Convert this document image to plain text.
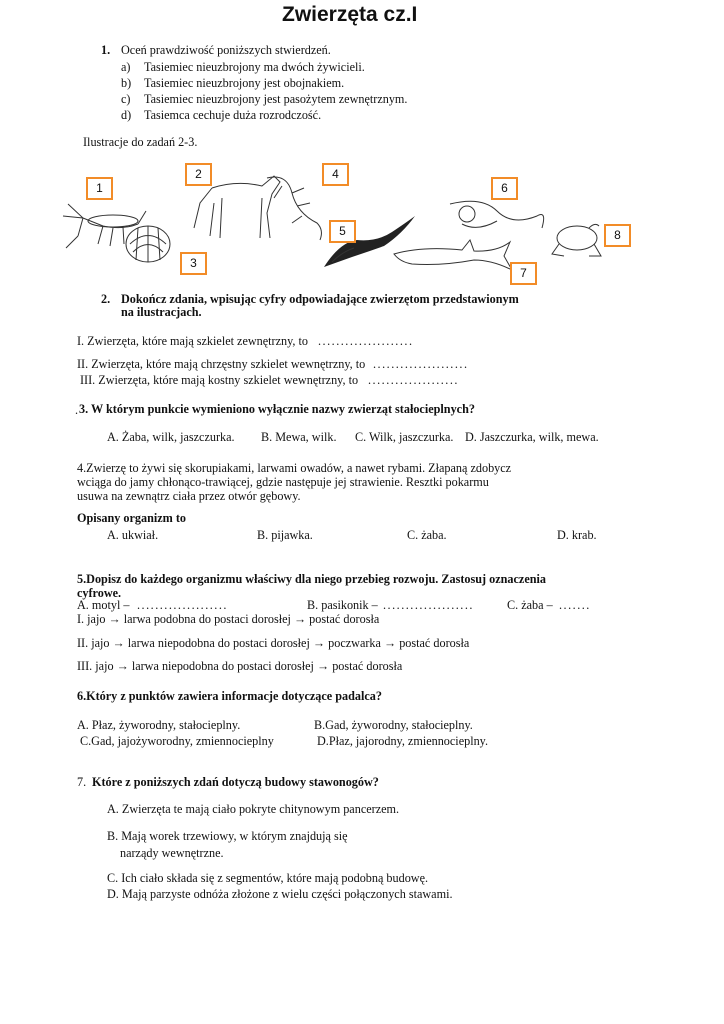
Zwierzęta cz.I
1. Oceń prawdziwość poniższych stwierdzeń.
a) Tasiemiec nieuzbrojony ma dwóch żywicieli.
b) Tasiemiec nieuzbrojony jest obojnakiem.
c) Tasiemiec nieuzbrojony jest pasożytem zewnętrznym.
d) Tasiemca cechuje duża rozrodczość.
Ilustracje do zadań 2-3.
1
2
3
4
5
6
7
8
2. Dokończ zdania, wpisując cyfry odpowiadające zwierzętom przedstawionym
na ilustracjach.
I. Zwierzęta, które mają szkielet zewnętrzny, to .....................
II. Zwierzęta, które mają chrzęstny szkielet wewnętrzny, to .....................
III. Zwierzęta, które mają kostny szkielet wewnętrzny, to ....................
. 3. W którym punkcie wymieniono wyłącznie nazwy zwierząt stałocieplnych?
A. Żaba, wilk, jaszczurka. B. Mewa, wilk. C. Wilk, jaszczurka. D. Jaszczurka, wilk, mewa.
4.Zwierzę to żywi się skorupiakami, larwami owadów, a nawet rybami. Złapaną zdobycz
wciąga do jamy chłonąco-trawiącej, gdzie następuje jej strawienie. Resztki pokarmu
usuwa na zewnątrz ciała przez otwór gębowy.
Opisany organizm to
A. ukwiał.	B. pijawka.	C. żaba.	D. krab.
5.Dopisz do każdego organizmu właściwy dla niego przebieg rozwoju. Zastosuj oznaczenia
cyfrowe.
A. motyl – ....................	B. pasikonik – ....................	C. żaba – .......
I. jajo → larwa podobna do postaci dorosłej → postać dorosła
II. jajo → larwa niepodobna do postaci dorosłej → poczwarka → postać dorosła
III. jajo → larwa niepodobna do postaci dorosłej → postać dorosła
6.Który z punktów zawiera informacje dotyczące padalca?
A. Płaz, żyworodny, stałocieplny.	B.Gad, żyworodny, stałocieplny.
C.Gad, jajożyworodny, zmiennocieplny	D.Płaz, jajorodny, zmiennocieplny.
7. Które z poniższych zdań dotyczą budowy stawonogów?
A. Zwierzęta te mają ciało pokryte chitynowym pancerzem.
B. Mają worek trzewiowy, w którym znajdują się
narządy wewnętrzne.
C. Ich ciało składa się z segmentów, które mają podobną budowę.
D. Mają parzyste odnóża złożone z wielu części połączonych stawami.
